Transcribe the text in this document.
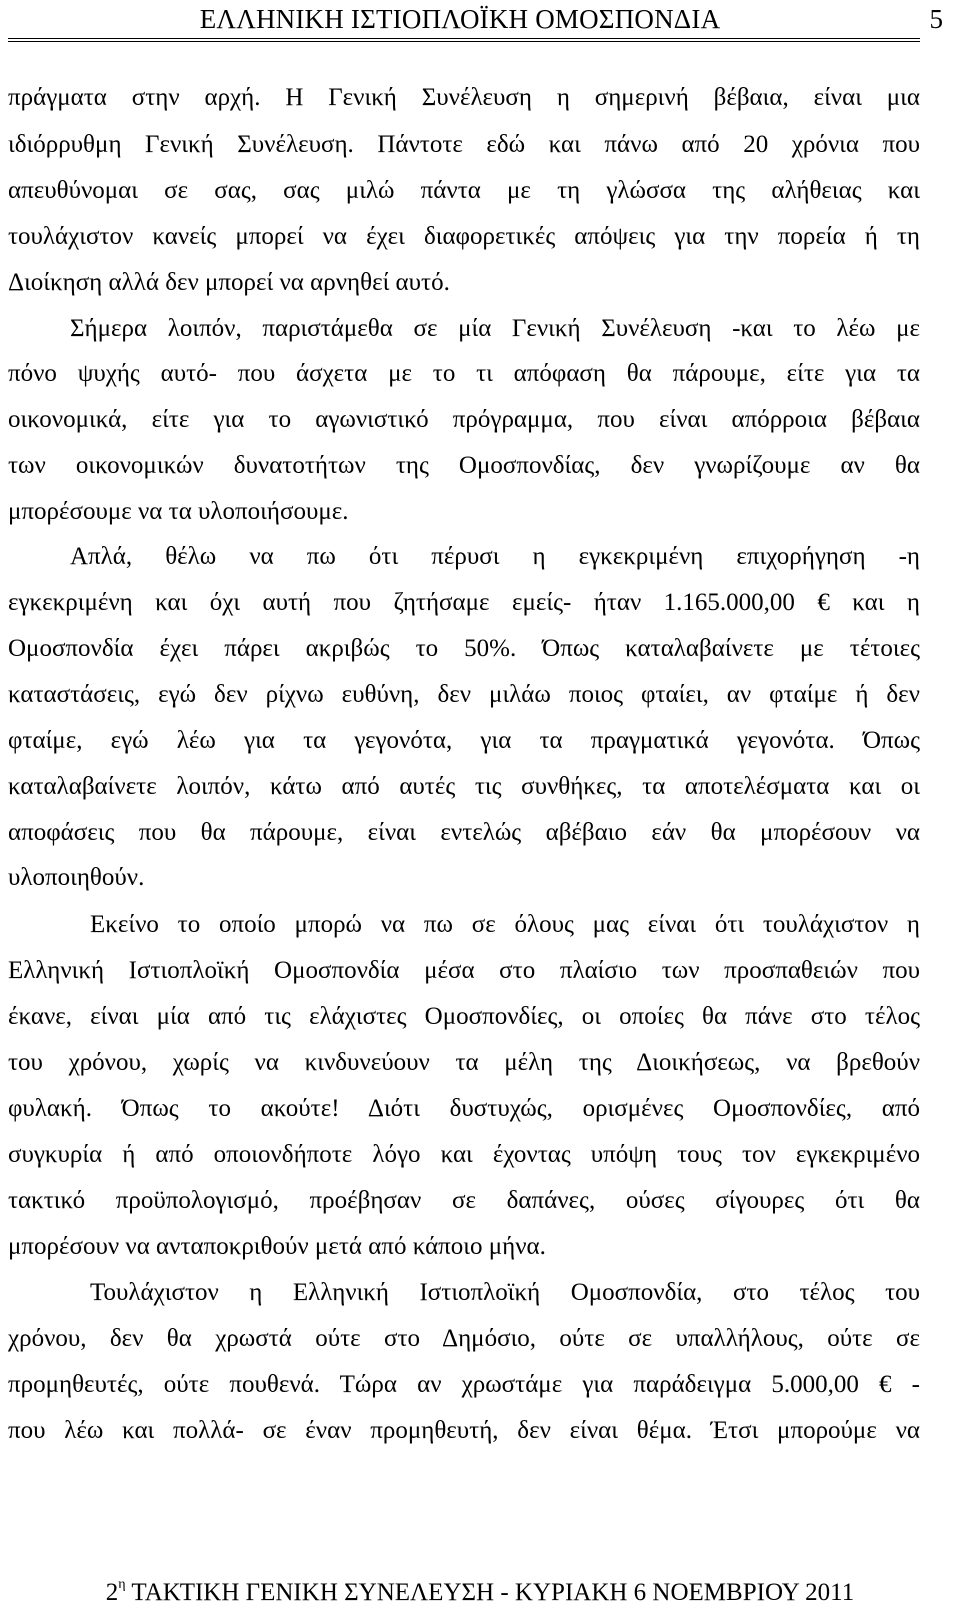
ΕΛΛΗΝΙΚΗ ΙΣΤΙΟΠΛΟΪΚΗ ΟΜΟΣΠΟΝΔΙΑ	5
πράγματα στην αρχή. Η Γενική Συνέλευση η σημερινή βέβαια, είναι μια
ιδιόρρυθμη Γενική Συνέλευση. Πάντοτε εδώ και πάνω από 20 χρόνια που
απευθύνομαι σε σας, σας μιλώ πάντα με τη γλώσσα της αλήθειας και
τουλάχιστον κανείς μπορεί να έχει διαφορετικές απόψεις για την πορεία ή τη
Διοίκηση αλλά δεν μπορεί να αρνηθεί αυτό.
Σήμερα λοιπόν, παριστάμεθα σε μία Γενική Συνέλευση -και το λέω με
πόνο ψυχής αυτό- που άσχετα με το τι απόφαση θα πάρουμε, είτε για τα
οικονομικά, είτε για το αγωνιστικό πρόγραμμα, που είναι απόρροια βέβαια
των οικονομικών δυνατοτήτων της Ομοσπονδίας, δεν γνωρίζουμε αν θα
μπορέσουμε να τα υλοποιήσουμε.
Απλά, θέλω να πω ότι πέρυσι η εγκεκριμένη επιχορήγηση -η
εγκεκριμένη και όχι αυτή που ζητήσαμε εμείς- ήταν 1.165.000,00 € και η
Ομοσπονδία έχει πάρει ακριβώς το 50%. Όπως καταλαβαίνετε με τέτοιες
καταστάσεις, εγώ δεν ρίχνω ευθύνη, δεν μιλάω ποιος φταίει, αν φταίμε ή δεν
φταίμε, εγώ λέω για τα γεγονότα, για τα πραγματικά γεγονότα. Όπως
καταλαβαίνετε λοιπόν, κάτω από αυτές τις συνθήκες, τα αποτελέσματα και οι
αποφάσεις που θα πάρουμε, είναι εντελώς αβέβαιο εάν θα μπορέσουν να
υλοποιηθούν.
Εκείνο το οποίο μπορώ να πω σε όλους μας είναι ότι τουλάχιστον η
Ελληνική Ιστιοπλοϊκή Ομοσπονδία μέσα στο πλαίσιο των προσπαθειών που
έκανε, είναι μία από τις ελάχιστες Ομοσπονδίες, οι οποίες θα πάνε στο τέλος
του χρόνου, χωρίς να κινδυνεύουν τα μέλη της Διοικήσεως, να βρεθούν
φυλακή. Όπως το ακούτε! Διότι δυστυχώς, ορισμένες Ομοσπονδίες, από
συγκυρία ή από οποιονδήποτε λόγο και έχοντας υπόψη τους τον εγκεκριμένο
τακτικό προϋπολογισμό, προέβησαν σε δαπάνες, ούσες σίγουρες ότι θα
μπορέσουν να ανταποκριθούν μετά από κάποιο μήνα.
Τουλάχιστον η Ελληνική Ιστιοπλοϊκή Ομοσπονδία, στο τέλος του
χρόνου, δεν θα χρωστά ούτε στο Δημόσιο, ούτε σε υπαλλήλους, ούτε σε
προμηθευτές, ούτε πουθενά. Τώρα αν χρωστάμε για παράδειγμα 5.000,00 € -
που λέω και πολλά- σε έναν προμηθευτή, δεν είναι θέμα. Έτσι μπορούμε να
$2^\eta$ ΤΑΚΤΙΚΗ ΓΕΝΙΚΗ ΣΥΝΕΛΕΥΣΗ - ΚΥΡΙΑΚΗ 6 ΝΟΕΜΒΡΙΟΥ 2011
